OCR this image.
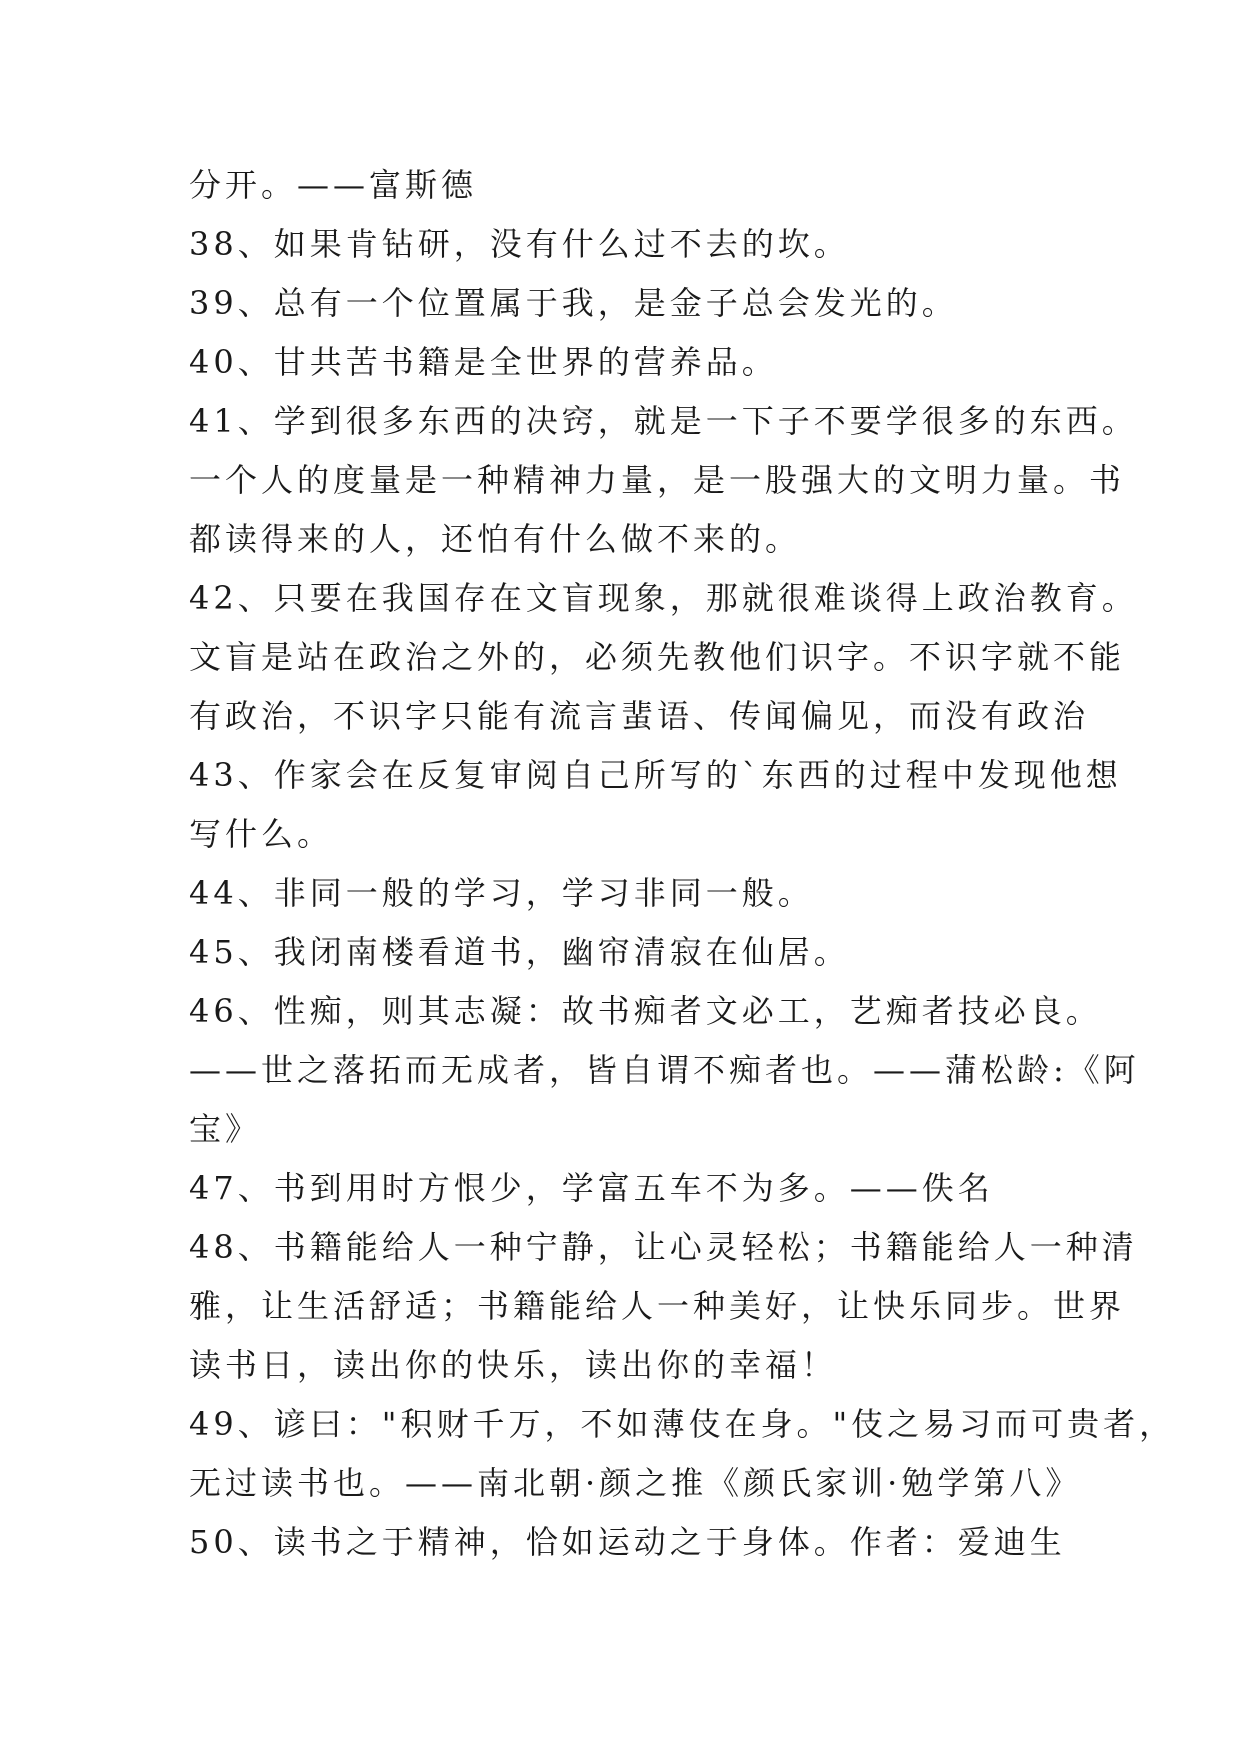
分开。——富斯德
38、如果肯钻研，没有什么过不去的坎。
39、总有一个位置属于我，是金子总会发光的。
40、甘共苦书籍是全世界的营养品。
41、学到很多东西的决窍，就是一下子不要学很多的东西。
一个人的度量是一种精神力量，是一股强大的文明力量。书
都读得来的人，还怕有什么做不来的。
42、只要在我国存在文盲现象，那就很难谈得上政治教育。
文盲是站在政治之外的，必须先教他们识字。不识字就不能
有政治，不识字只能有流言蜚语、传闻偏见，而没有政治
43、作家会在反复审阅自己所写的`东西的过程中发现他想
写什么。
44、非同一般的学习，学习非同一般。
45、我闭南楼看道书，幽帘清寂在仙居。
46、性痴，则其志凝：故书痴者文必工，艺痴者技必良。
——世之落拓而无成者，皆自谓不痴者也。——蒲松龄:《阿
宝》
47、书到用时方恨少，学富五车不为多。——佚名
48、书籍能给人一种宁静，让心灵轻松；书籍能给人一种清
雅，让生活舒适；书籍能给人一种美好，让快乐同步。世界
读书日，读出你的快乐，读出你的幸福！
49、谚曰："积财千万，不如薄伎在身。"伎之易习而可贵者，
无过读书也。——南北朝·颜之推《颜氏家训·勉学第八》
50、读书之于精神，恰如运动之于身体。作者：爱迪生
